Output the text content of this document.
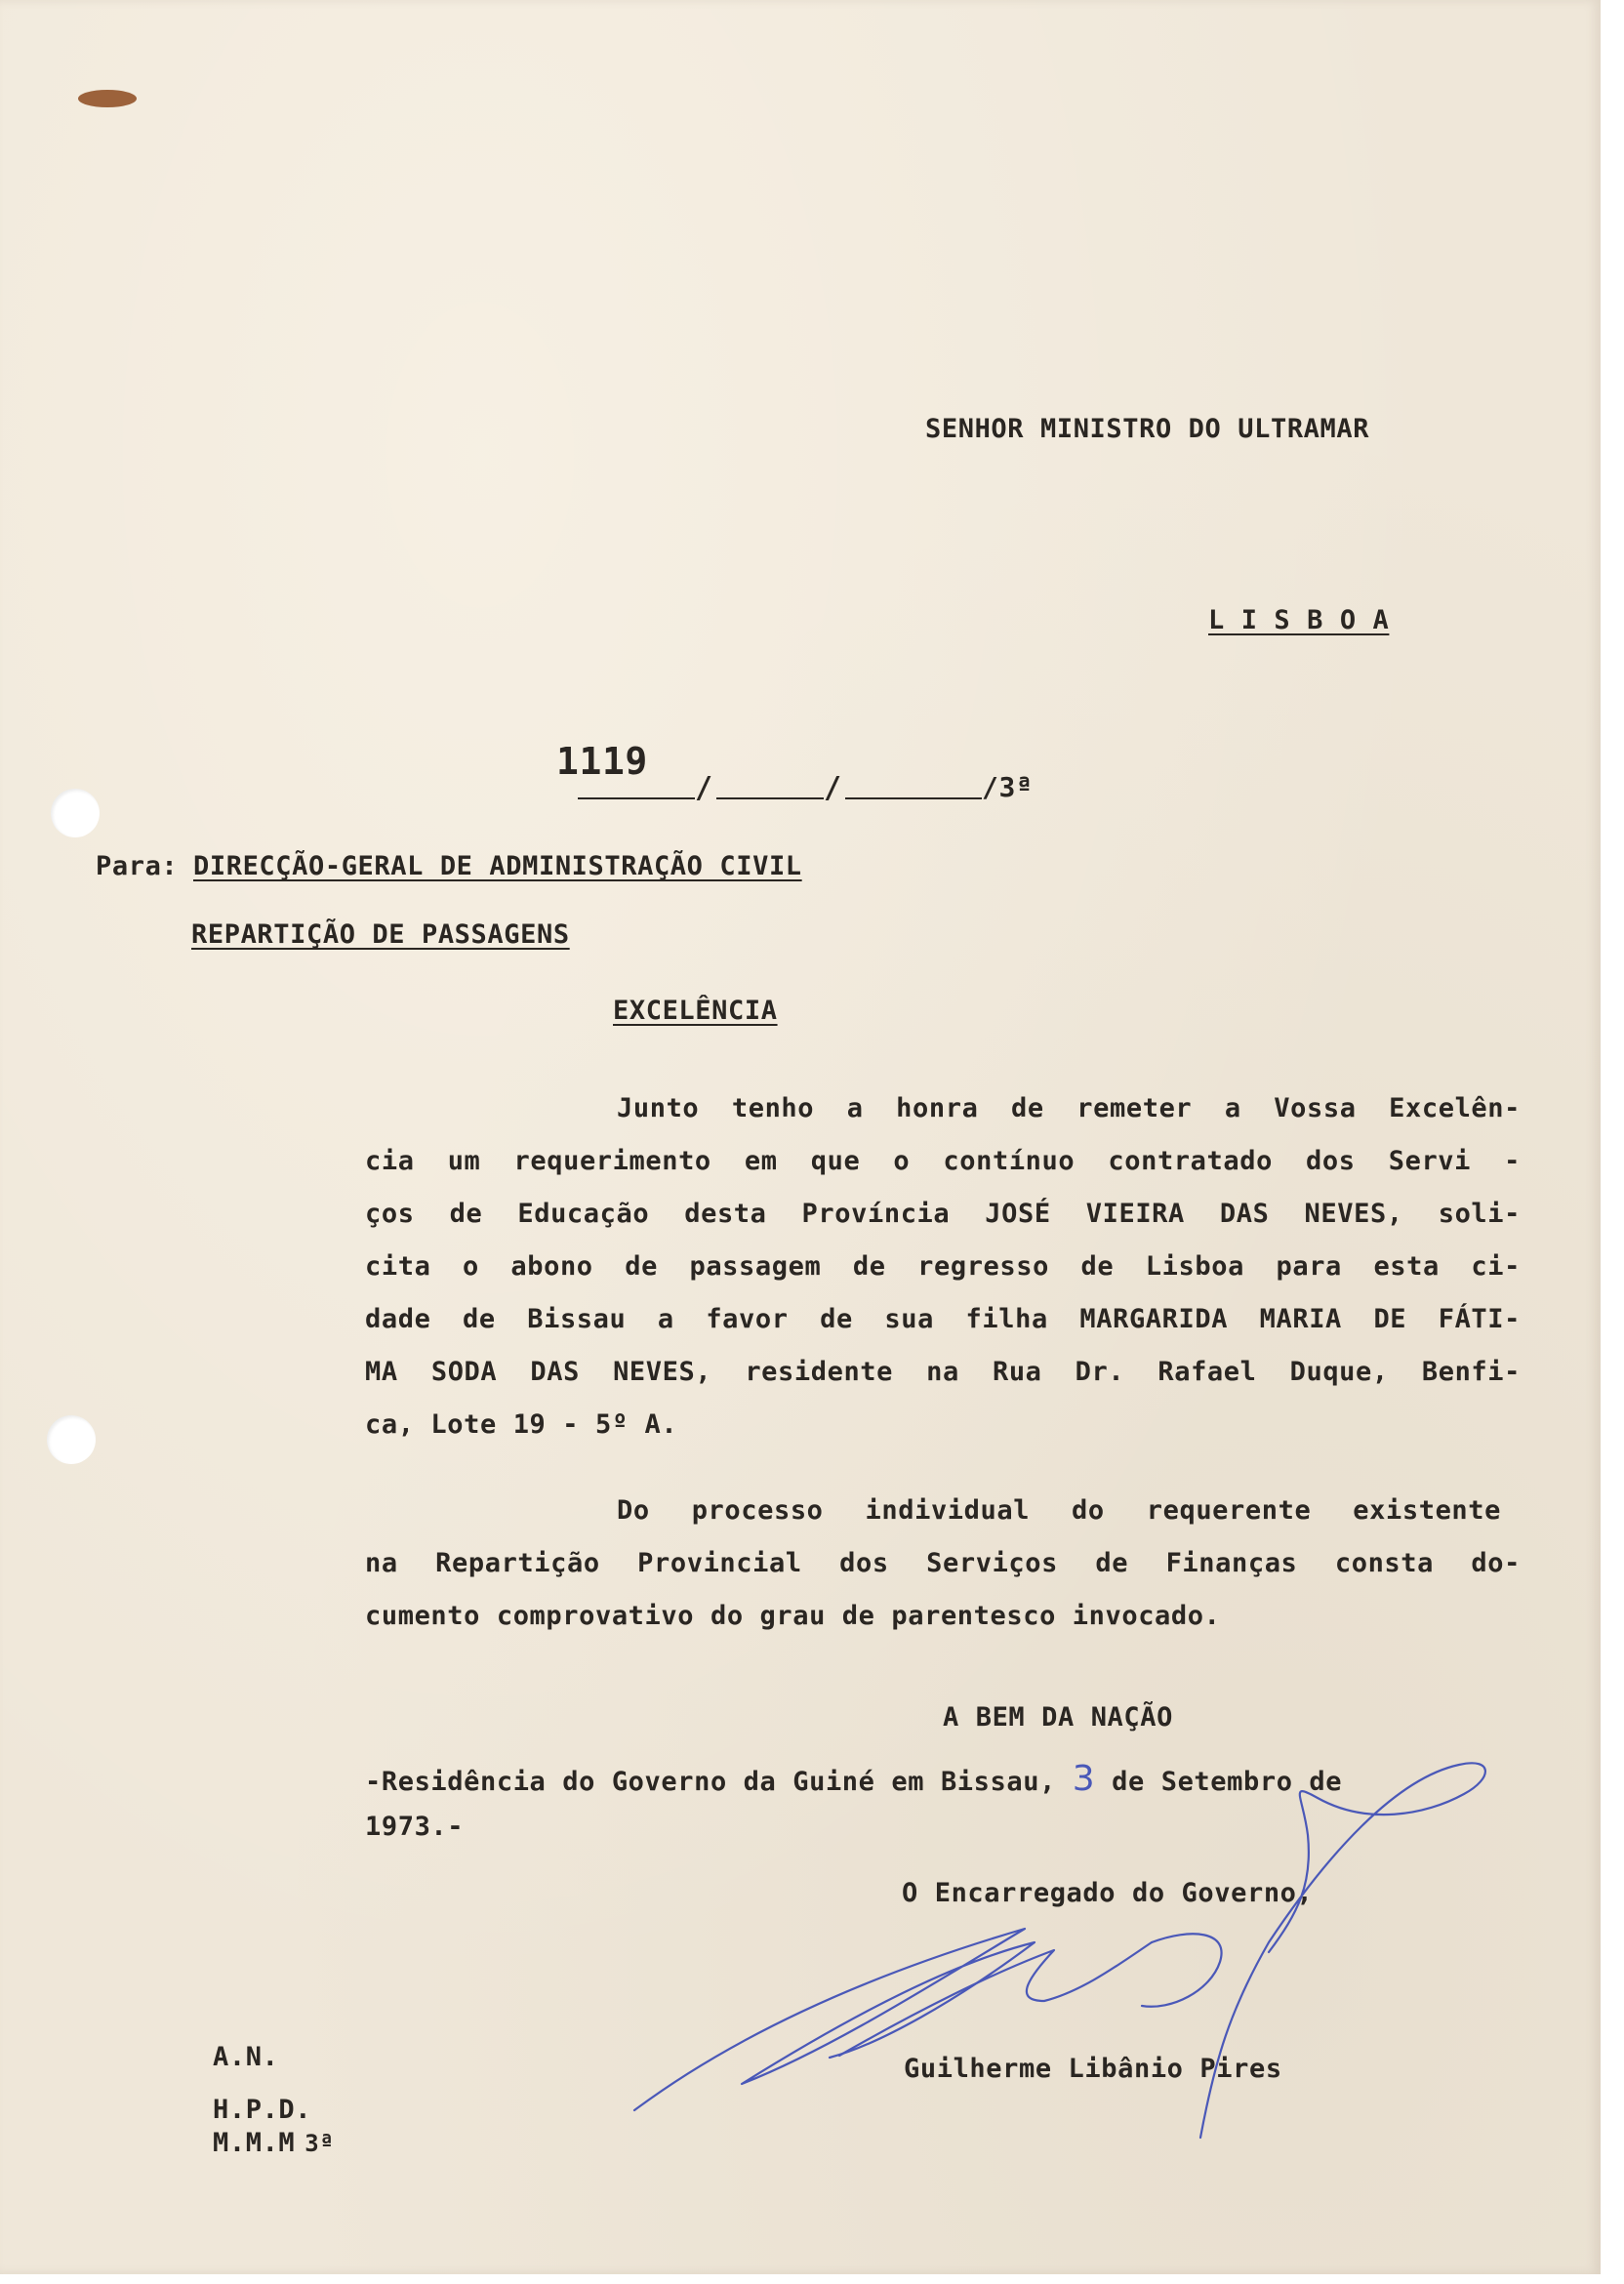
SENHOR MINISTRO DO ULTRAMAR
L I S B O A
1119
/	/	/3ª
Para: DIRECÇÃO-GERAL DE ADMINISTRAÇÃO CIVIL
REPARTIÇÃO DE PASSAGENS
EXCELÊNCIA
Junto tenho a honra de remeter a Vossa Excelên-
cia um requerimento em que o contínuo contratado dos Servi -
ços de Educação desta Província JOSÉ VIEIRA DAS NEVES, soli-
cita o abono de passagem de regresso de Lisboa para esta ci-
dade de Bissau a favor de sua filha MARGARIDA MARIA DE FÁTI-
MA SODA DAS NEVES, residente na Rua Dr. Rafael Duque, Benfi-
ca, Lote 19 - 5º A.
Do processo individual do requerente existente
na Repartição Provincial dos Serviços de Finanças consta do-
cumento comprovativo do grau de parentesco invocado.
A BEM DA NAÇÃO
-Residência do Governo da Guiné em Bissau, 3 de Setembro de
1973.-
O Encarregado do Governo,
Guilherme Libânio Pires
A.N.
H.P.D.
M.M.M 3ª
